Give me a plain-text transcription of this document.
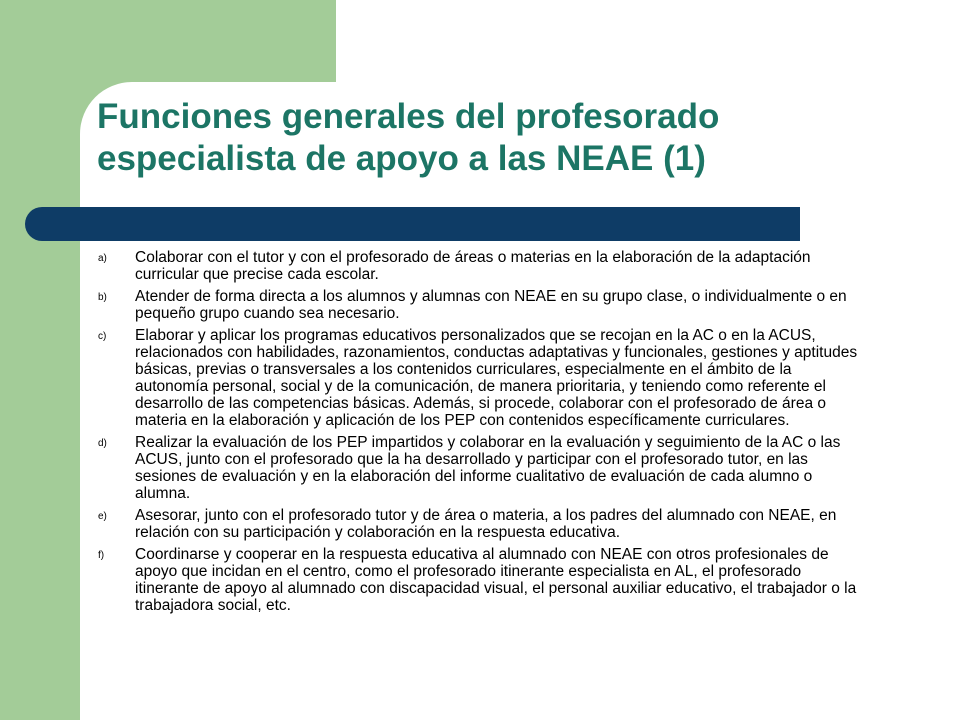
Funciones generales del profesorado
especialista de apoyo a las NEAE (1)
a) Colaborar con el tutor y con el profesorado de áreas o materias en la elaboración de la adaptación curricular que precise cada escolar.
b) Atender de forma directa a los alumnos y alumnas con NEAE en su grupo clase, o individualmente o en pequeño grupo cuando sea necesario.
c) Elaborar y aplicar los programas educativos personalizados que se recojan en la AC o en la ACUS, relacionados con habilidades, razonamientos, conductas adaptativas y funcionales, gestiones y aptitudes básicas, previas o transversales a los contenidos curriculares, especialmente en el ámbito de la autonomía personal, social y de la comunicación, de manera prioritaria, y teniendo como referente el desarrollo de las competencias básicas. Además, si procede, colaborar con el profesorado de área o materia en la elaboración y aplicación de los PEP con contenidos específicamente curriculares.
d) Realizar la evaluación de los PEP impartidos y colaborar en la evaluación y seguimiento de la AC o las ACUS, junto con el profesorado que la ha desarrollado y participar con el profesorado tutor, en las sesiones de evaluación y en la elaboración del informe cualitativo de evaluación de cada alumno o alumna.
e) Asesorar, junto con el profesorado tutor y de área o materia, a los padres del alumnado con NEAE, en relación con su participación y colaboración en la respuesta educativa.
f) Coordinarse y cooperar en la respuesta educativa al alumnado con NEAE con otros profesionales de apoyo que incidan en el centro, como el profesorado itinerante especialista en AL, el profesorado itinerante de apoyo al alumnado con discapacidad visual, el personal auxiliar educativo, el trabajador o la trabajadora social, etc.
